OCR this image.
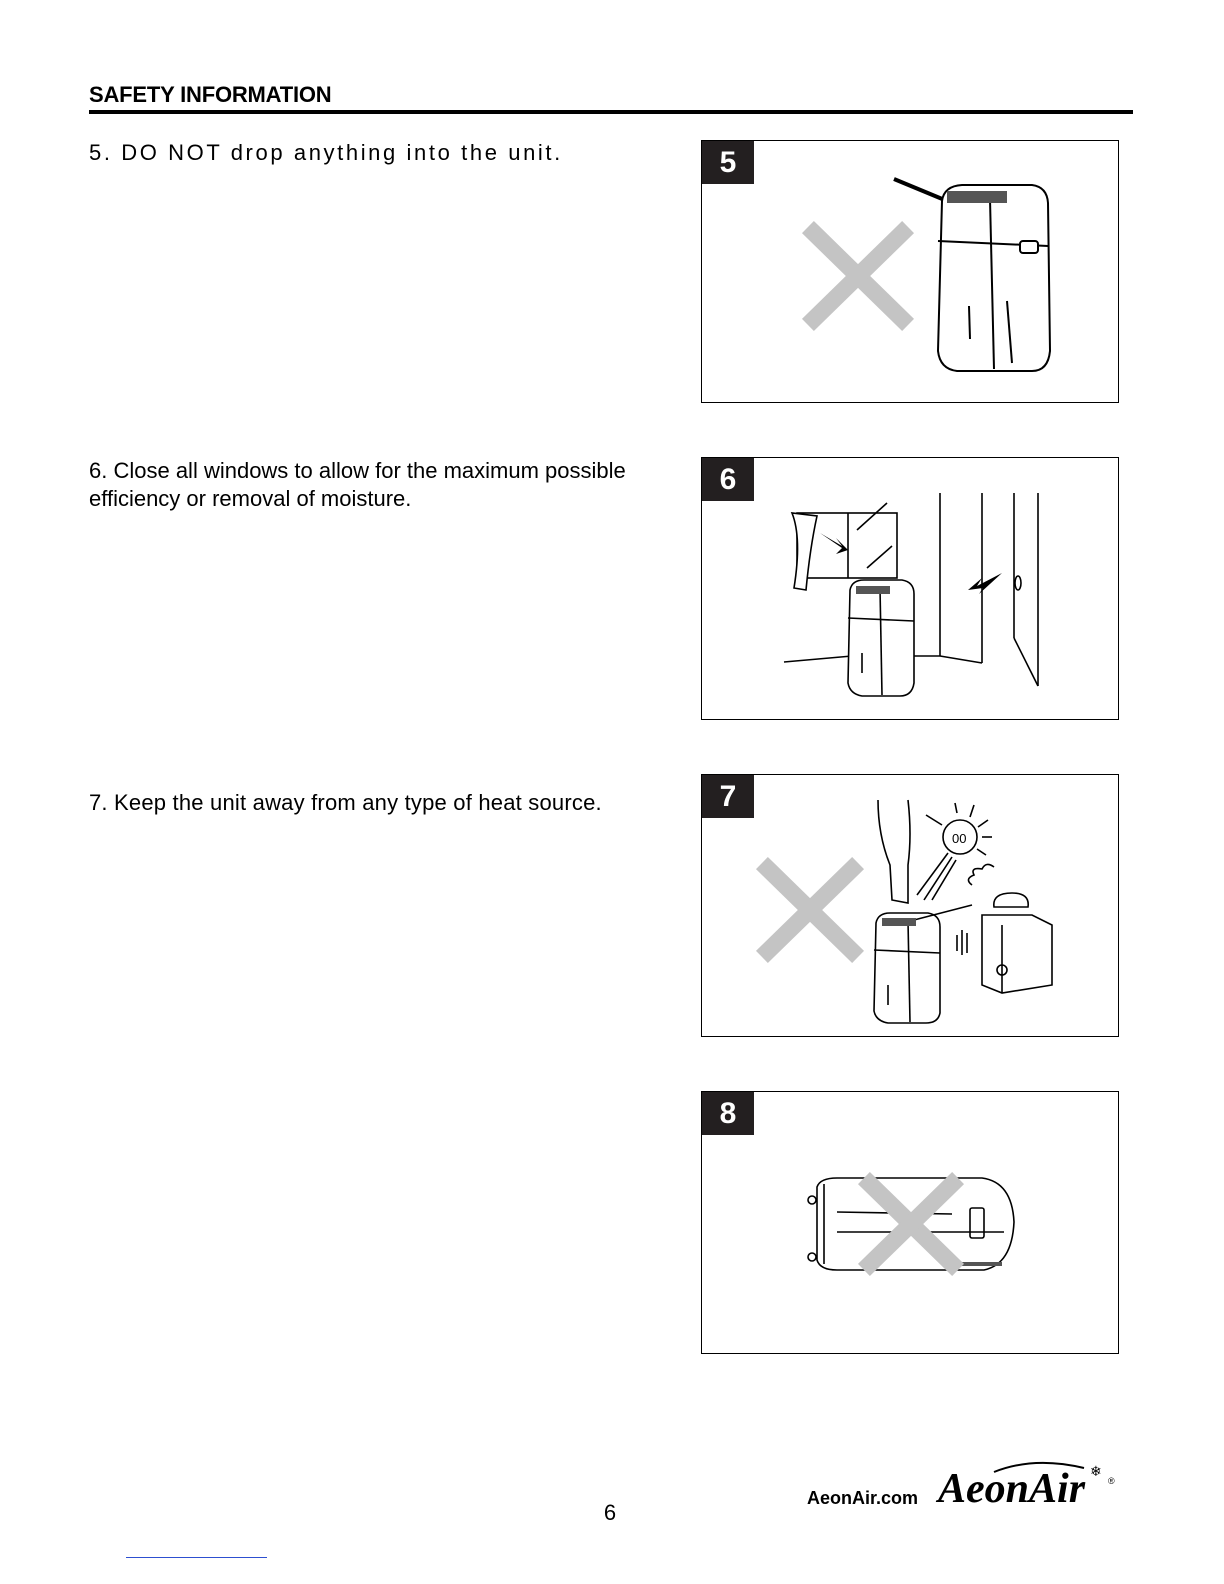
SAFETY INFORMATION
5. DO NOT drop anything into the unit.
6. Close all windows to allow for the maximum possible efficiency or removal of moisture.
7. Keep the unit away from any type of heat source.
5
6
00
7
8
6
AeonAir.com AeonAir ❄
®
